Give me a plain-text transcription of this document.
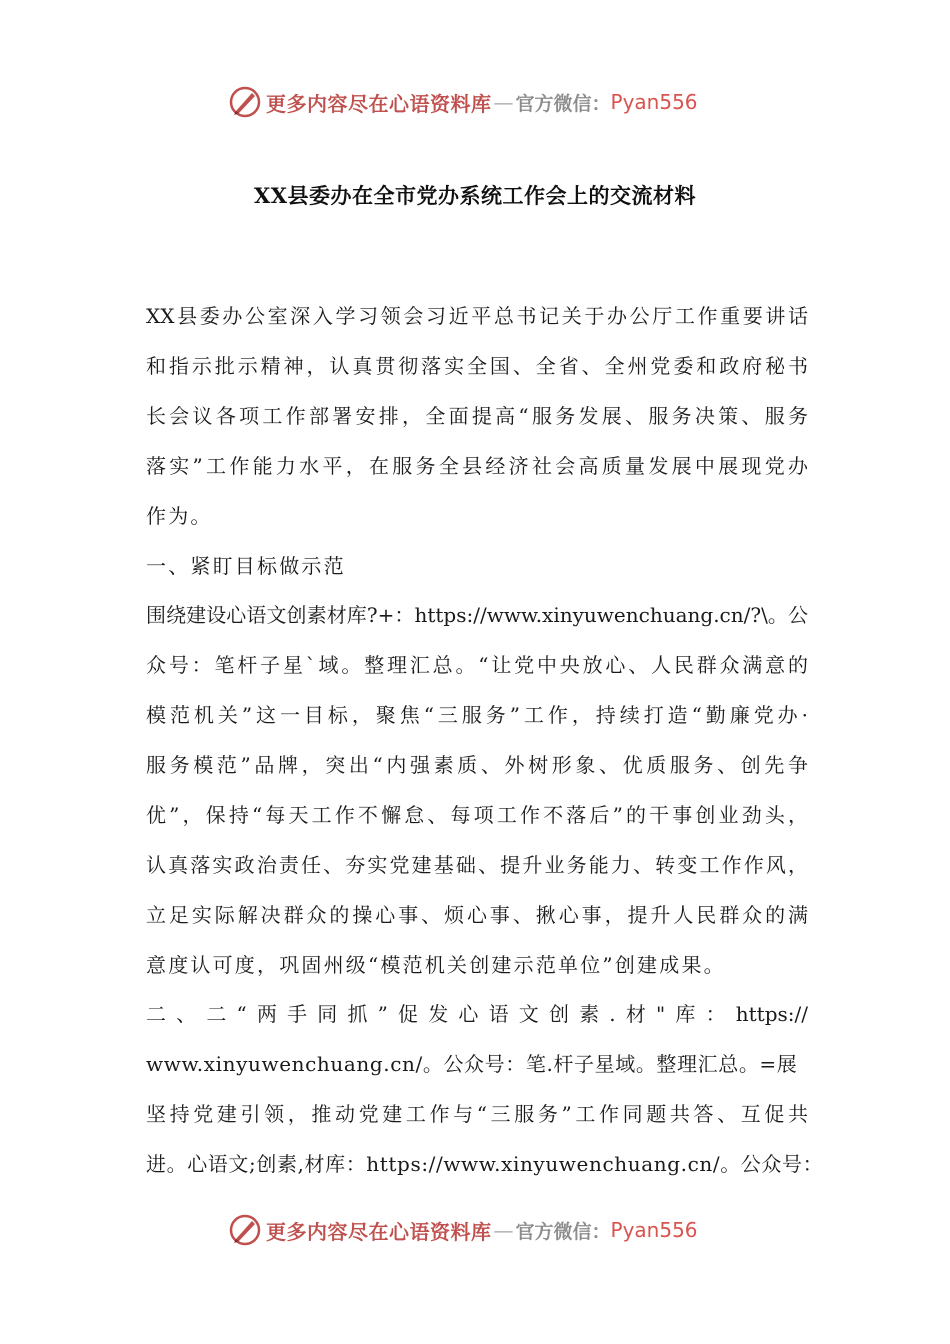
更多内容尽在心语资料库 — 官方微信： Pyan556
XX县委办在全市党办系统工作会上的交流材料
XX县委办公室深入学习领会习近平总书记关于办公厅工作重要讲话
和指示批示精神，认真贯彻落实全国、全省、全州党委和政府秘书
长会议各项工作部署安排，全面提高“服务发展、服务决策、服务
落实”工作能力水平，在服务全县经济社会高质量发展中展现党办
作为。
一、紧盯目标做示范
围绕建设心语文创素材库?+：https://www.xinyuwenchuang.cn/?\。公
众号：笔杆子星`域。整理汇总。“让党中央放心、人民群众满意的
模范机关”这一目标，聚焦“三服务”工作，持续打造“勤廉党办·
服务模范”品牌，突出“内强素质、外树形象、优质服务、创先争
优”，保持“每天工作不懈怠、每项工作不落后”的干事创业劲头，
认真落实政治责任、夯实党建基础、提升业务能力、转变工作作风，
立足实际解决群众的操心事、烦心事、揪心事，提升人民群众的满
意度认可度，巩固州级“模范机关创建示范单位”创建成果。
二、二“两手同抓”促发心语文创素.材"库：https://
www.xinyuwenchuang.cn/。公众号：笔.杆子星域。整理汇总。=展
坚持党建引领，推动党建工作与“三服务”工作同题共答、互促共
进。心语文;创素,材库：https://www.xinyuwenchuang.cn/。公众号：
更多内容尽在心语资料库 — 官方微信： Pyan556
